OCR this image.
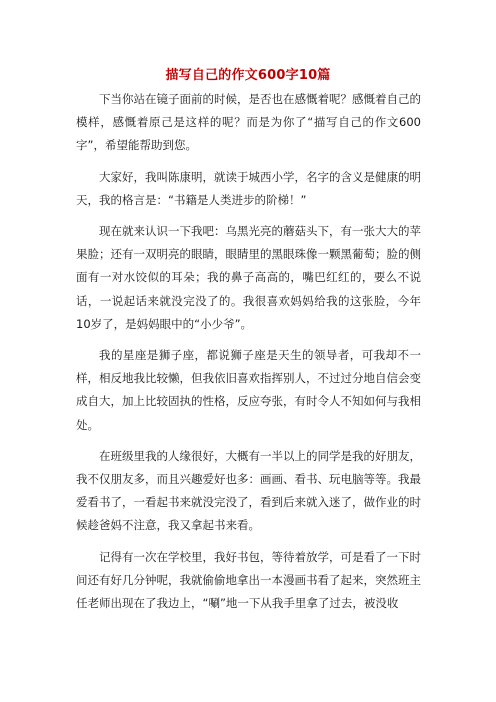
描写自己的作文600字10篇

下当你站在镜子面前的时候，是否也在感慨着呢？感慨着自己的模样，感慨着原己是这样的呢？而是为你了“描写自己的作文600字”，希望能帮助到您。

大家好，我叫陈康明，就读于城西小学，名字的含义是健康的明天，我的格言是：“书籍是人类进步的阶梯！”

现在就来认识一下我吧：乌黑光亮的蘑菇头下，有一张大大的苹果脸；还有一双明亮的眼睛，眼睛里的黑眼珠像一颗黑葡萄；脸的侧面有一对水饺似的耳朵；我的鼻子高高的，嘴巴红红的，要么不说话，一说起话来就没完没了的。我很喜欢妈妈给我的这张脸，今年10岁了，是妈妈眼中的“小少爷”。

我的星座是狮子座，都说狮子座是天生的领导者，可我却不一样，相反地我比较懒，但我依旧喜欢指挥别人，不过过分地自信会变成自大，加上比较固执的性格，反应夸张，有时令人不知如何与我相处。

在班级里我的人缘很好，大概有一半以上的同学是我的好朋友，我不仅朋友多，而且兴趣爱好也多：画画、看书、玩电脑等等。我最爱看书了，一看起书来就没完没了，看到后来就入迷了，做作业的时候趁爸妈不注意，我又拿起书来看。

记得有一次在学校里，我好书包，等待着放学，可是看了一下时间还有好几分钟呢，我就偷偷地拿出一本漫画书看了起来，突然班主任老师出现在了我边上，“唰”地一下从我手里拿了过去，被没收
